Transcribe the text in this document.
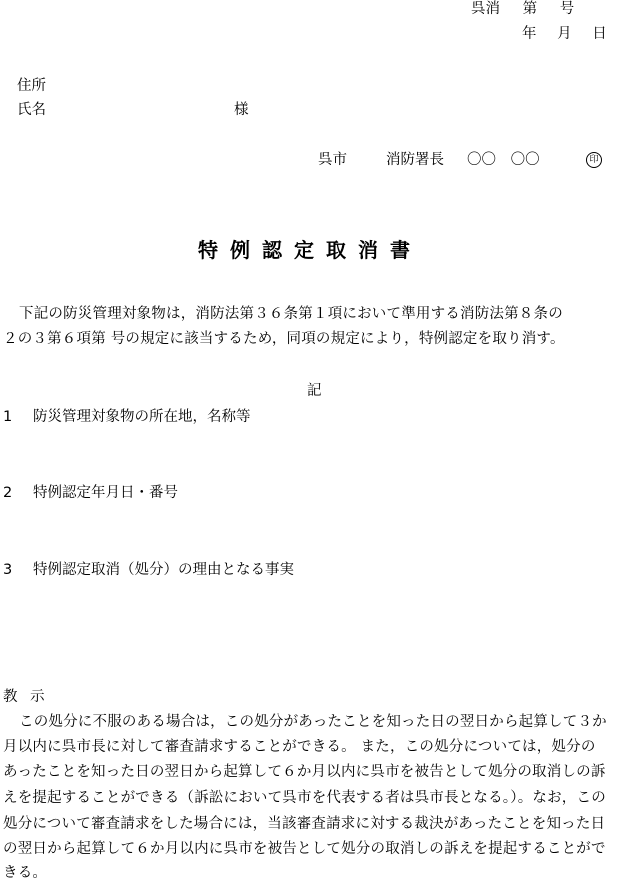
呉消 第 号
年 月 日
住所
氏名	様
呉市	消防署長 〇〇 〇〇	印
特例認定取消書
下記の防災管理対象物は，消防法第３６条第１項において準用する消防法第８条の
２の３第６項第 号の規定に該当するため，同項の規定により，特例認定を取り消す。
記
1 防災管理対象物の所在地，名称等
2 特例認定年月日・番号
3 特例認定取消（処分）の理由となる事実
教 示
この処分に不服のある場合は，この処分があったことを知った日の翌日から起算して３か
月以内に呉市長に対して審査請求することができる。 また，この処分については，処分の
あったことを知った日の翌日から起算して６か月以内に呉市を被告として処分の取消しの訴
えを提起することができる（訴訟において呉市を代表する者は呉市長となる。）。なお，この
処分について審査請求をした場合には，当該審査請求に対する裁決があったことを知った日
の翌日から起算して６か月以内に呉市を被告として処分の取消しの訴えを提起することがで
きる。
